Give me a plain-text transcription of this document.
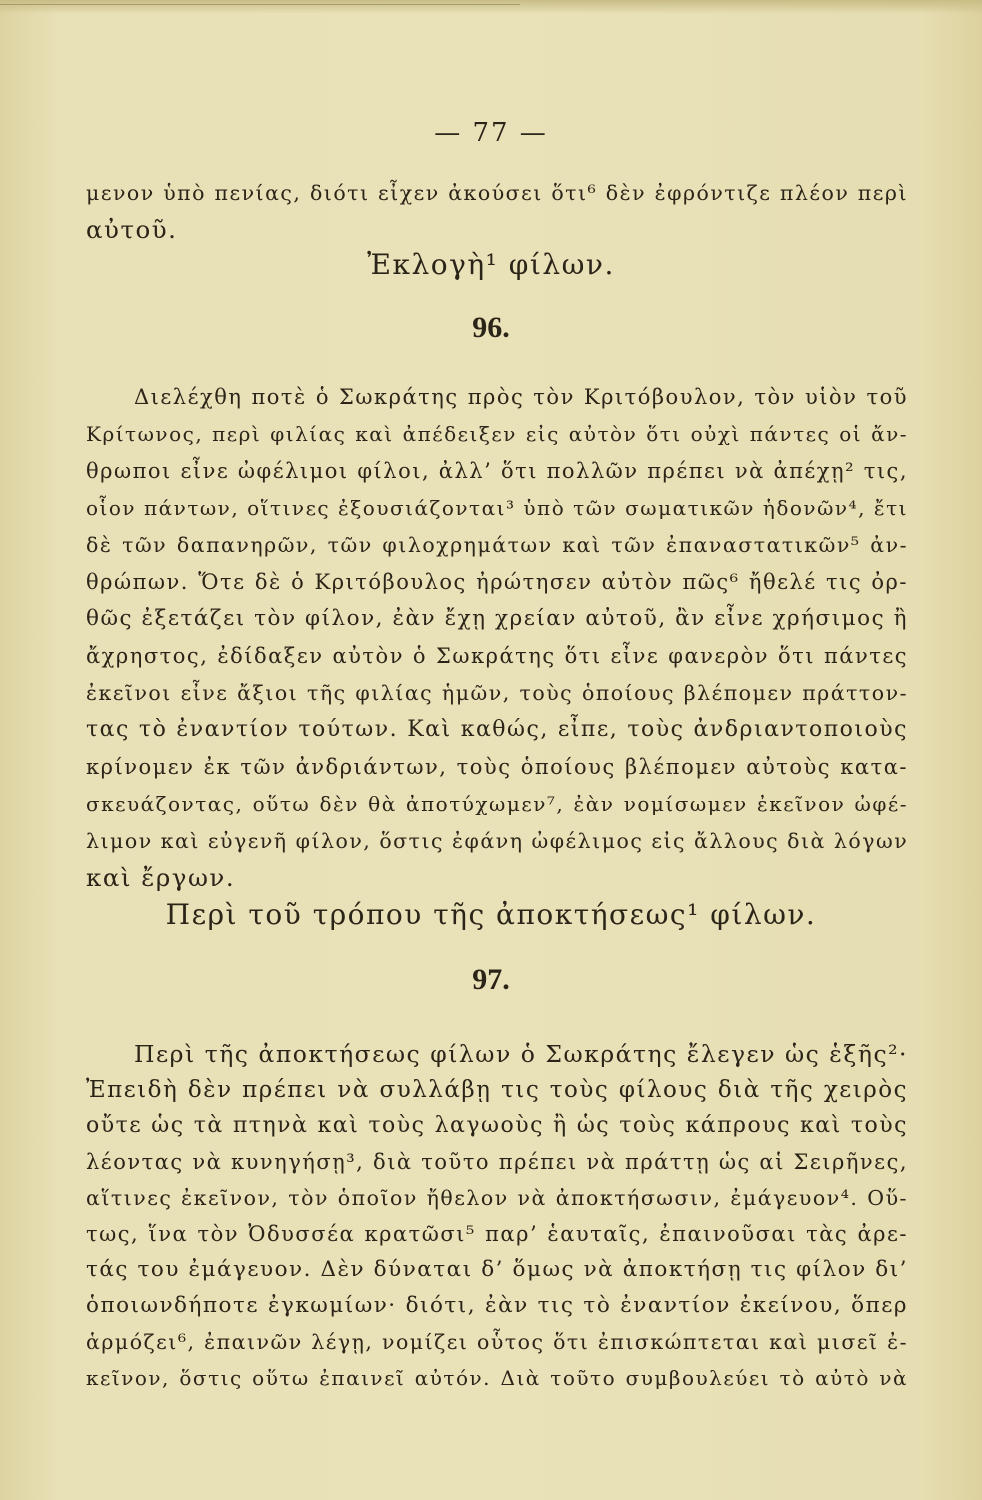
— 77 —
μενον ὑπὸ πενίας, διότι εἶχεν ἀκούσει ὅτι⁶ δὲν ἐφρόντιζε πλέον περὶ
αὐτοῦ.
Ἐκλογὴ¹ φίλων.
96.
Διελέχθη ποτὲ ὁ Σωκράτης πρὸς τὸν Κριτόβουλον, τὸν υἱὸν τοῦ
Κρίτωνος, περὶ φιλίας καὶ ἀπέδειξεν εἰς αὐτὸν ὅτι οὐχὶ πάντες οἱ ἄν-
θρωποι εἶνε ὠφέλιμοι φίλοι, ἀλλ’ ὅτι πολλῶν πρέπει νὰ ἀπέχῃ² τις,
οἷον πάντων, οἵτινες ἐξουσιάζονται³ ὑπὸ τῶν σωματικῶν ἡδονῶν⁴, ἔτι
δὲ τῶν δαπανηρῶν, τῶν φιλοχρημάτων καὶ τῶν ἐπαναστατικῶν⁵ ἀν-
θρώπων. Ὅτε δὲ ὁ Κριτόβουλος ἠρώτησεν αὐτὸν πῶς⁶ ἤθελέ τις ὀρ-
θῶς ἐξετάζει τὸν φίλον, ἐὰν ἔχῃ χρείαν αὐτοῦ, ἂν εἶνε χρήσιμος ἢ
ἄχρηστος, ἐδίδαξεν αὐτὸν ὁ Σωκράτης ὅτι εἶνε φανερὸν ὅτι πάντες
ἐκεῖνοι εἶνε ἄξιοι τῆς φιλίας ἡμῶν, τοὺς ὁποίους βλέπομεν πράττον-
τας τὸ ἐναντίον τούτων. Καὶ καθώς, εἶπε, τοὺς ἀνδριαντοποιοὺς
κρίνομεν ἐκ τῶν ἀνδριάντων, τοὺς ὁποίους βλέπομεν αὐτοὺς κατα-
σκευάζοντας, οὕτω δὲν θὰ ἀποτύχωμεν⁷, ἐὰν νομίσωμεν ἐκεῖνον ὠφέ-
λιμον καὶ εὐγενῆ φίλον, ὅστις ἐφάνη ὠφέλιμος εἰς ἄλλους διὰ λόγων
καὶ ἔργων.
Περὶ τοῦ τρόπου τῆς ἀποκτήσεως¹ φίλων.
97.
Περὶ τῆς ἀποκτήσεως φίλων ὁ Σωκράτης ἔλεγεν ὡς ἑξῆς²·
Ἐπειδὴ δὲν πρέπει νὰ συλλάβῃ τις τοὺς φίλους διὰ τῆς χειρὸς
οὔτε ὡς τὰ πτηνὰ καὶ τοὺς λαγωοὺς ἢ ὡς τοὺς κάπρους καὶ τοὺς
λέοντας νὰ κυνηγήσῃ³, διὰ τοῦτο πρέπει νὰ πράττῃ ὡς αἱ Σειρῆνες,
αἵτινες ἐκεῖνον, τὸν ὁποῖον ἤθελον νὰ ἀποκτήσωσιν, ἐμάγευον⁴. Οὕ-
τως, ἵνα τὸν Ὀδυσσέα κρατῶσι⁵ παρ’ ἑαυταῖς, ἐπαινοῦσαι τὰς ἀρε-
τάς του ἐμάγευον. Δὲν δύναται δ’ ὅμως νὰ ἀποκτήσῃ τις φίλον δι’
ὁποιωνδήποτε ἐγκωμίων· διότι, ἐὰν τις τὸ ἐναντίον ἐκείνου, ὅπερ
ἁρμόζει⁶, ἐπαινῶν λέγῃ, νομίζει οὗτος ὅτι ἐπισκώπτεται καὶ μισεῖ ἐ-
κεῖνον, ὅστις οὕτω ἐπαινεῖ αὐτόν. Διὰ τοῦτο συμβουλεύει τὸ αὐτὸ νὰ
